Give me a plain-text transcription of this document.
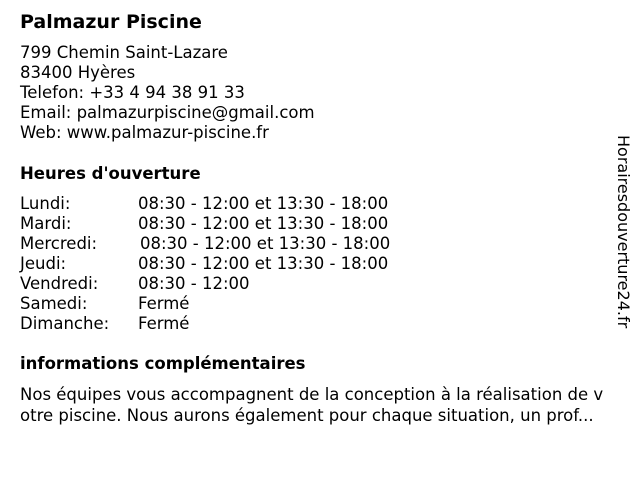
Palmazur Piscine
799 Chemin Saint-Lazare
83400 Hyères
Telefon: +33 4 94 38 91 33
Email: palmazurpiscine@gmail.com
Web: www.palmazur-piscine.fr
Heures d'ouverture
Lundi:	08:30 - 12:00 et 13:30 - 18:00
Mardi:	08:30 - 12:00 et 13:30 - 18:00
Mercredi:	08:30 - 12:00 et 13:30 - 18:00
Jeudi:	08:30 - 12:00 et 13:30 - 18:00
Vendredi: 08:30 - 12:00
Samedi:	Fermé
Dimanche: Fermé
informations complémentaires
Nos équipes vous accompagnent de la conception à la réalisation de v
otre piscine. Nous aurons également pour chaque situation, un prof...
Horairesdouverture24.fr
